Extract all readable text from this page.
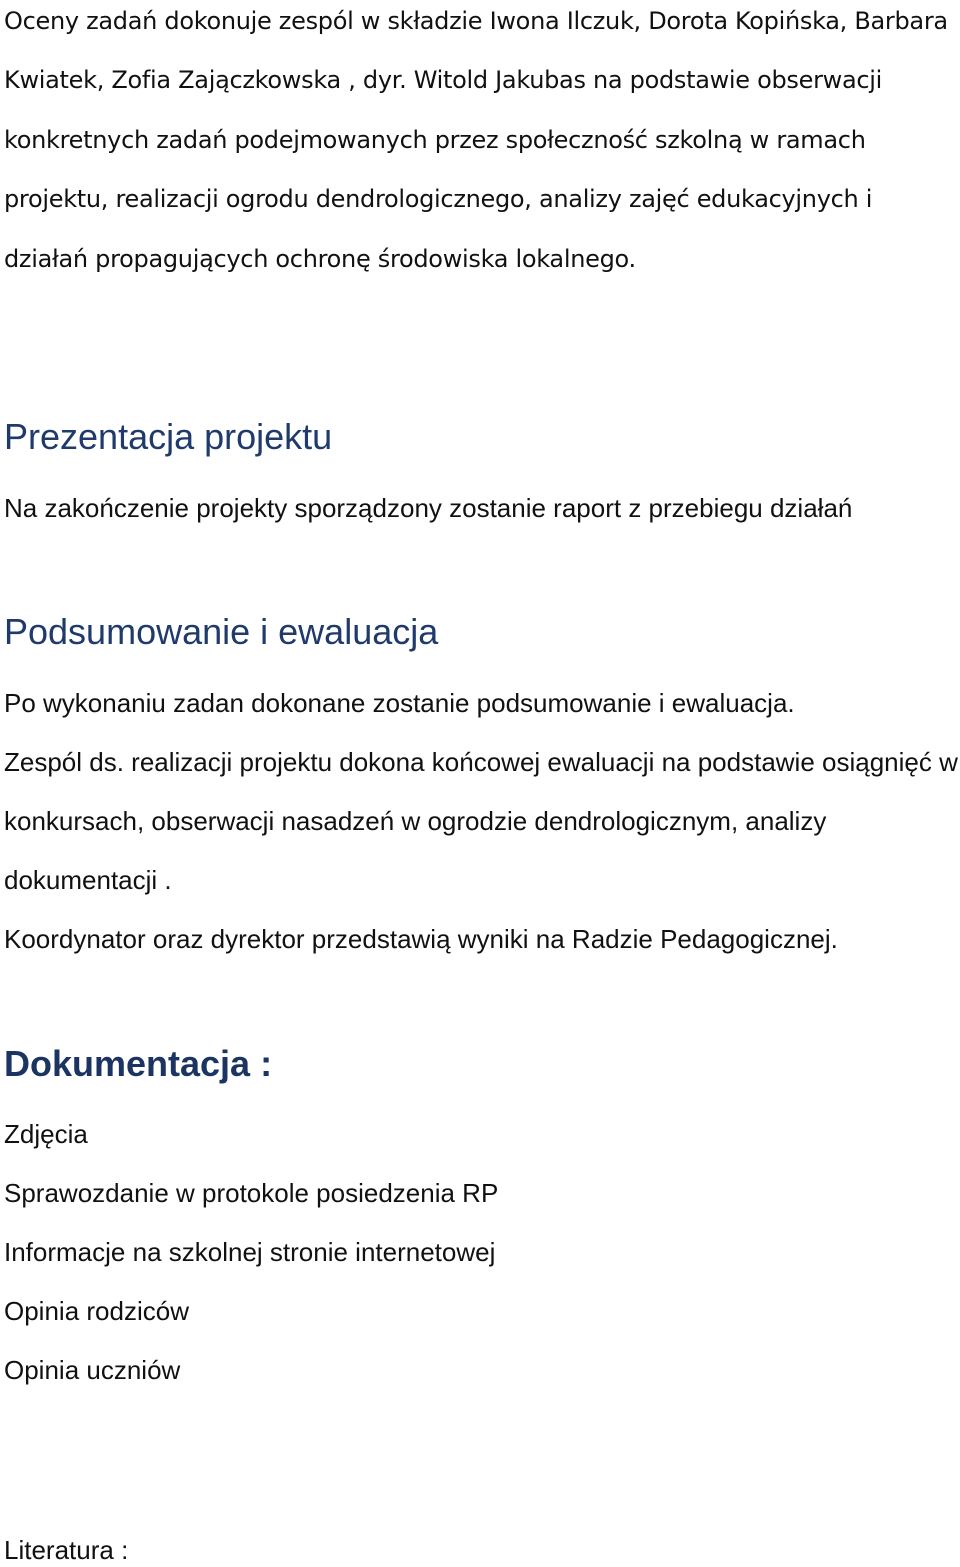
Oceny zadań dokonuje zespól w składzie Iwona Ilczuk, Dorota Kopińska, Barbara Kwiatek, Zofia Zajączkowska , dyr. Witold Jakubas na podstawie obserwacji konkretnych zadań podejmowanych przez społeczność szkolną w ramach projektu, realizacji ogrodu dendrologicznego, analizy zajęć edukacyjnych i działań propagujących ochronę środowiska lokalnego.

Prezentacja projektu

Na zakończenie projekty sporządzony zostanie raport z przebiegu działań

Podsumowanie i ewaluacja

Po wykonaniu zadan dokonane zostanie podsumowanie i ewaluacja.

Zespól ds. realizacji projektu dokona końcowej ewaluacji na podstawie osiągnięć w konkursach, obserwacji nasadzeń w ogrodzie dendrologicznym, analizy dokumentacji .

Koordynator oraz dyrektor przedstawią wyniki na Radzie Pedagogicznej.

Dokumentacja :
Zdjęcia
Sprawozdanie w protokole posiedzenia RP
Informacje na szkolnej stronie internetowej
Opinia rodziców
Opinia uczniów

Literatura :
